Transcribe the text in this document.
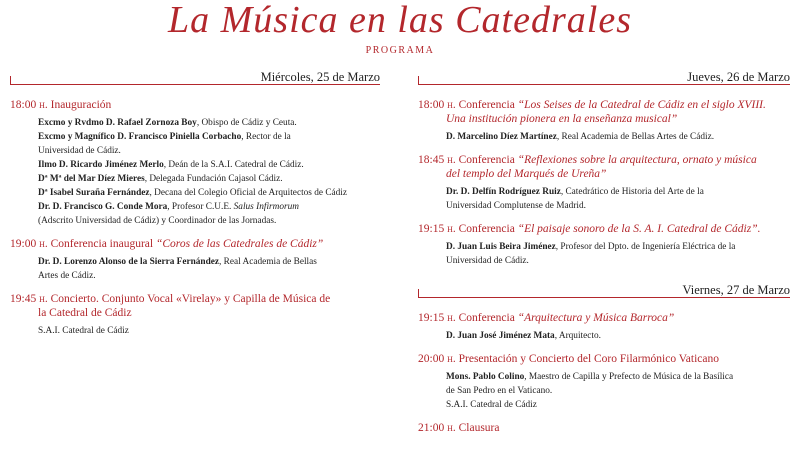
La Música en las Catedrales
PROGRAMA
Miércoles, 25 de Marzo
18:00 h. Inauguración
Excmo y Rvdmo D. Rafael Zornoza Boy, Obispo de Cádiz y Ceuta.
Excmo y Magnífico D. Francisco Piniella Corbacho, Rector de la
Universidad de Cádiz.
Ilmo D. Ricardo Jiménez Merlo, Deán de la S.A.I. Catedral de Cádiz.
Dª Mª del Mar Díez Mieres, Delegada Fundación Cajasol Cádiz.
Dª Isabel Suraña Fernández, Decana del Colegio Oficial de Arquitectos de Cádiz
Dr. D. Francisco G. Conde Mora, Profesor C.U.E. Salus Infirmorum
(Adscrito Universidad de Cádiz) y Coordinador de las Jornadas.
19:00 h. Conferencia inaugural “Coros de las Catedrales de Cádiz”
Dr. D. Lorenzo Alonso de la Sierra Fernández, Real Academia de Bellas
Artes de Cádiz.
19:45 h. Concierto. Conjunto Vocal «Virelay» y Capilla de Música de
la Catedral de Cádiz
S.A.I. Catedral de Cádiz
Jueves, 26 de Marzo
18:00 h. Conferencia “Los Seises de la Catedral de Cádiz en el siglo XVIII.
Una institución pionera en la enseñanza musical”
D. Marcelino Díez Martínez, Real Academia de Bellas Artes de Cádiz.
18:45 h. Conferencia “Reflexiones sobre la arquitectura, ornato y música
del templo del Marqués de Ureña”
Dr. D. Delfín Rodríguez Ruiz, Catedrático de Historia del Arte de la
Universidad Complutense de Madrid.
19:15 h. Conferencia “El paisaje sonoro de la S. A. I. Catedral de Cádiz”.
D. Juan Luis Beira Jiménez, Profesor del Dpto. de Ingeniería Eléctrica de la
Universidad de Cádiz.
Viernes, 27 de Marzo
19:15 h. Conferencia “Arquitectura y Música Barroca”
D. Juan José Jiménez Mata, Arquitecto.
20:00 h. Presentación y Concierto del Coro Filarmónico Vaticano
Mons. Pablo Colino, Maestro de Capilla y Prefecto de Música de la Basílica
de San Pedro en el Vaticano.
S.A.I. Catedral de Cádiz
21:00 h. Clausura
